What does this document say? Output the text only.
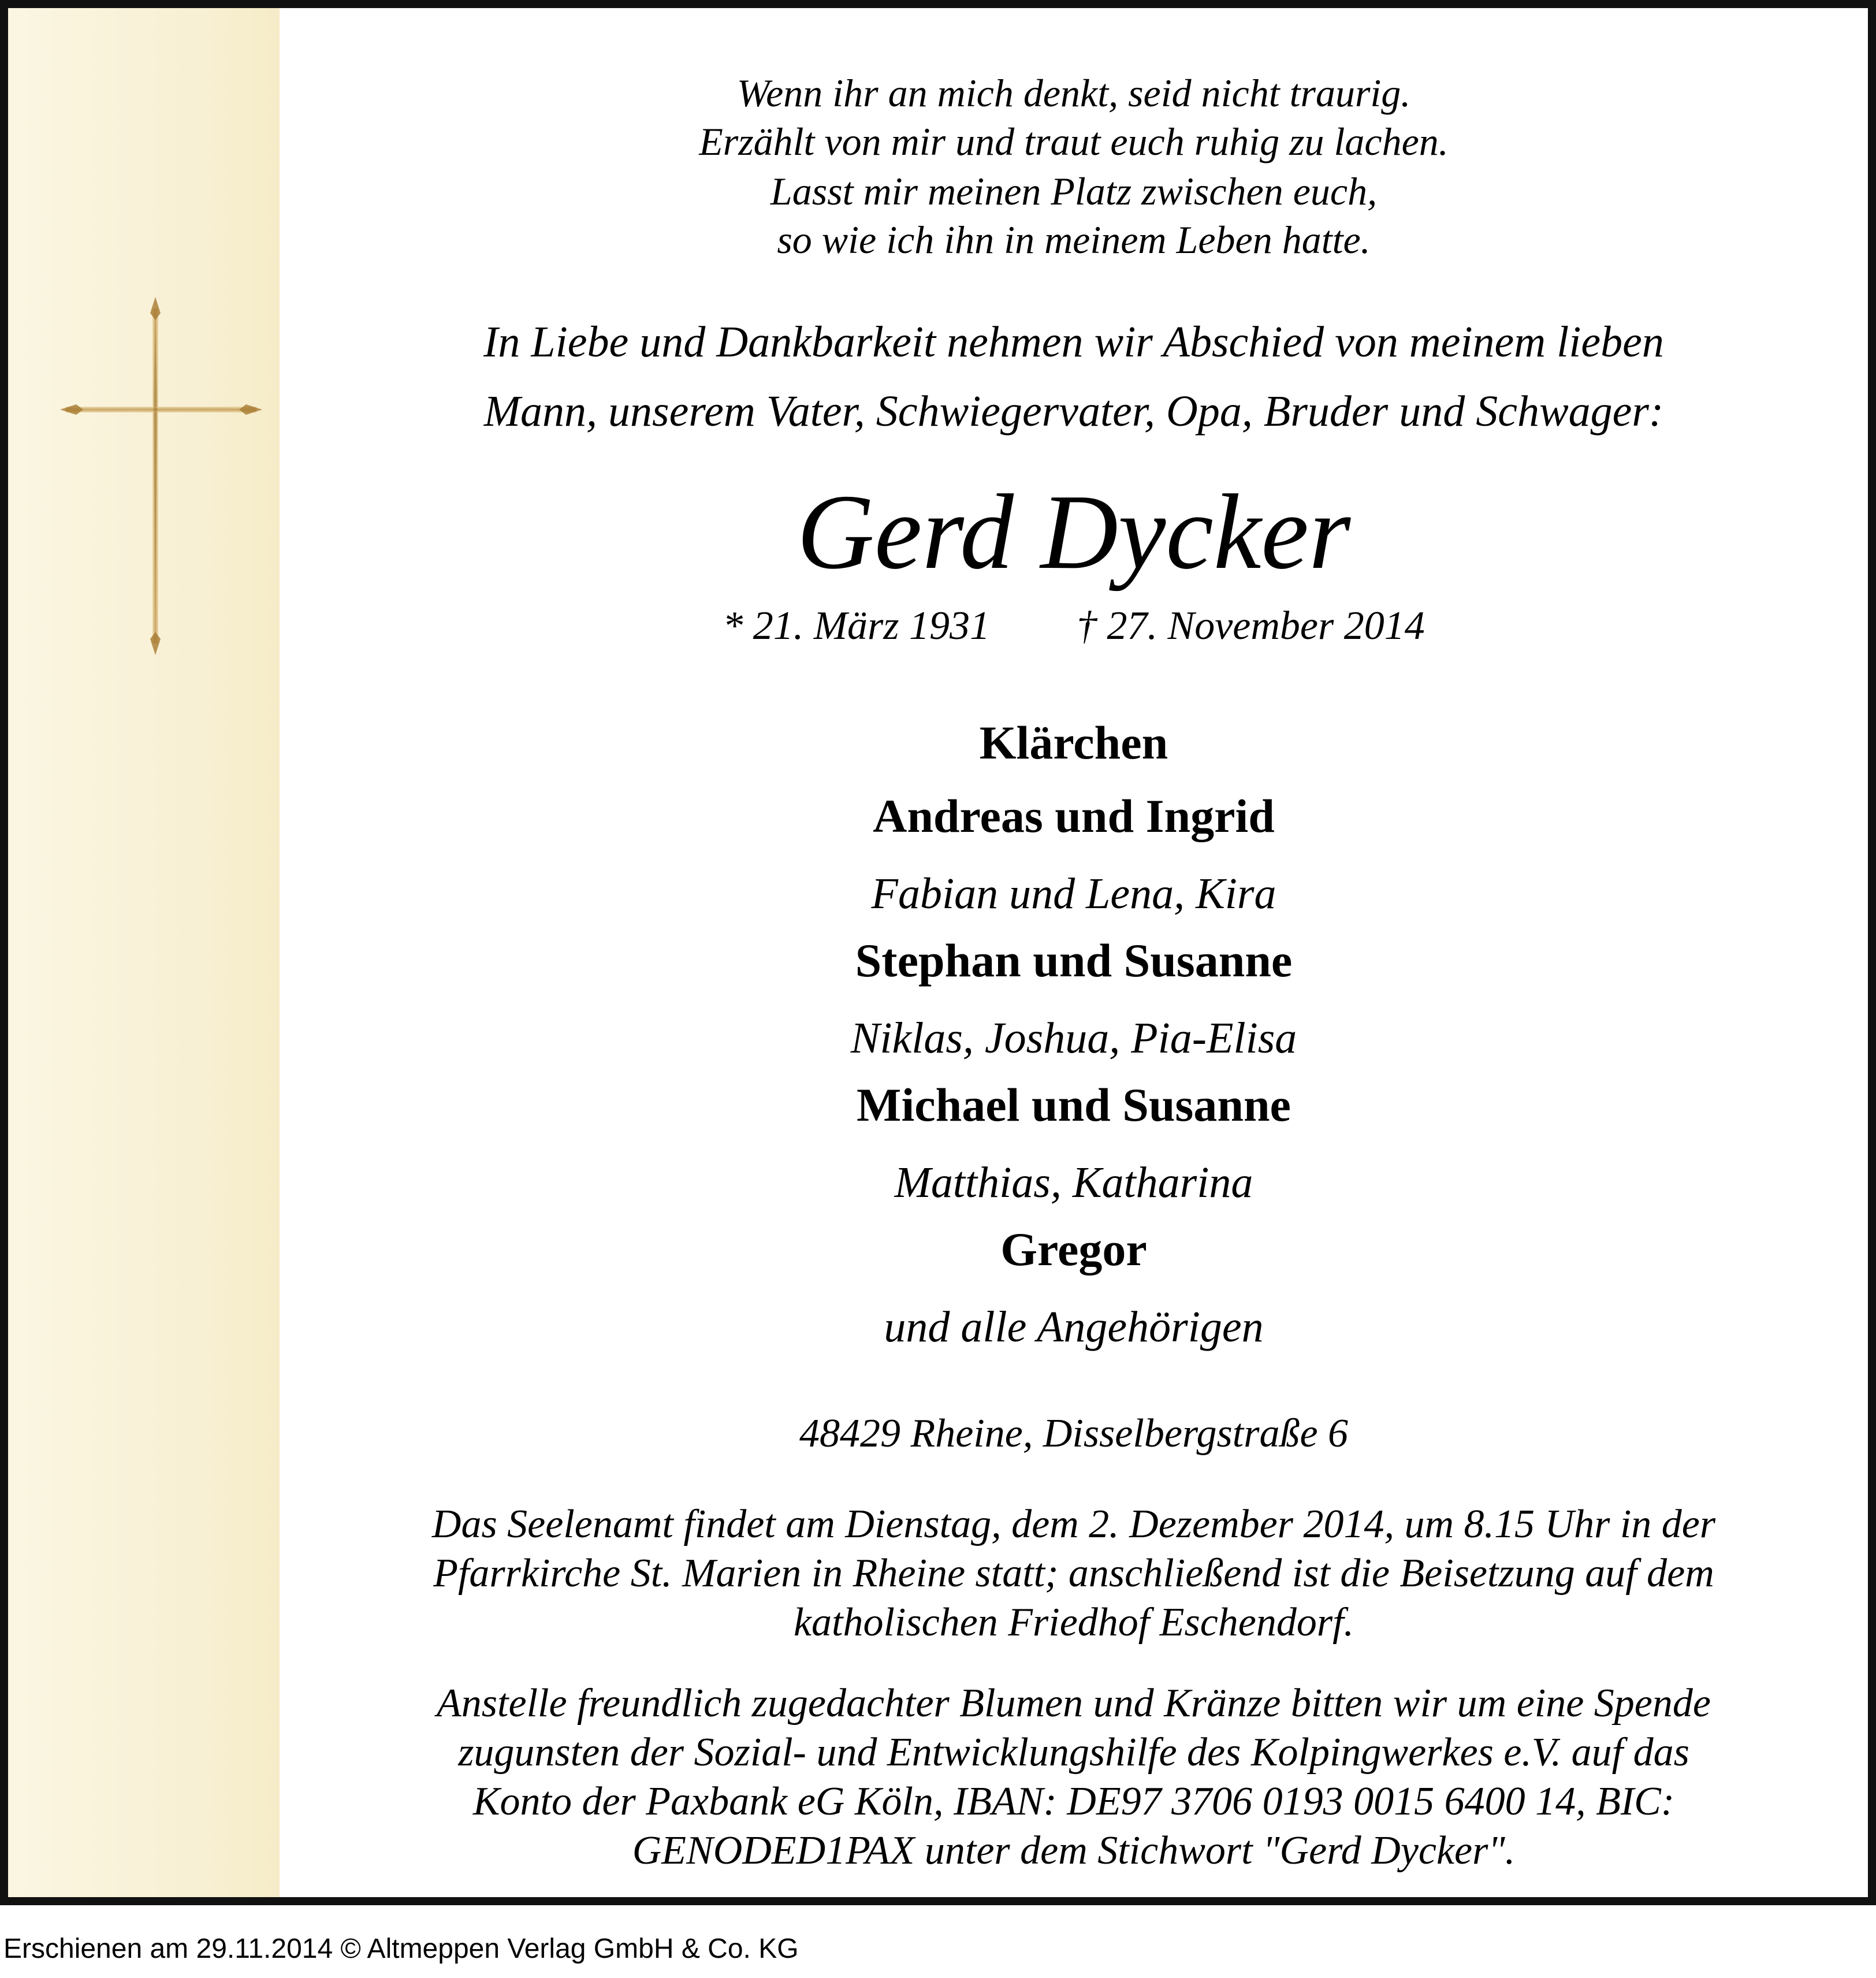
Wenn ihr an mich denkt, seid nicht traurig.
Erzählt von mir und traut euch ruhig zu lachen.
Lasst mir meinen Platz zwischen euch,
so wie ich ihn in meinem Leben hatte.
In Liebe und Dankbarkeit nehmen wir Abschied von meinem lieben
Mann, unserem Vater, Schwiegervater, Opa, Bruder und Schwager:
Gerd Dycker
* 21. März 1931 † 27. November 2014
Klärchen
Andreas und Ingrid
Fabian und Lena, Kira
Stephan und Susanne
Niklas, Joshua, Pia-Elisa
Michael und Susanne
Matthias, Katharina
Gregor
und alle Angehörigen
48429 Rheine, Disselbergstraße 6
Das Seelenamt findet am Dienstag, dem 2. Dezember 2014, um 8.15 Uhr in der
Pfarrkirche St. Marien in Rheine statt; anschließend ist die Beisetzung auf dem
katholischen Friedhof Eschendorf.
Anstelle freundlich zugedachter Blumen und Kränze bitten wir um eine Spende
zugunsten der Sozial- und Entwicklungshilfe des Kolpingwerkes e.V. auf das
Konto der Paxbank eG Köln, IBAN: DE97 3706 0193 0015 6400 14, BIC:
GENODED1PAX unter dem Stichwort "Gerd Dycker".
Erschienen am 29.11.2014 © Altmeppen Verlag GmbH & Co. KG
